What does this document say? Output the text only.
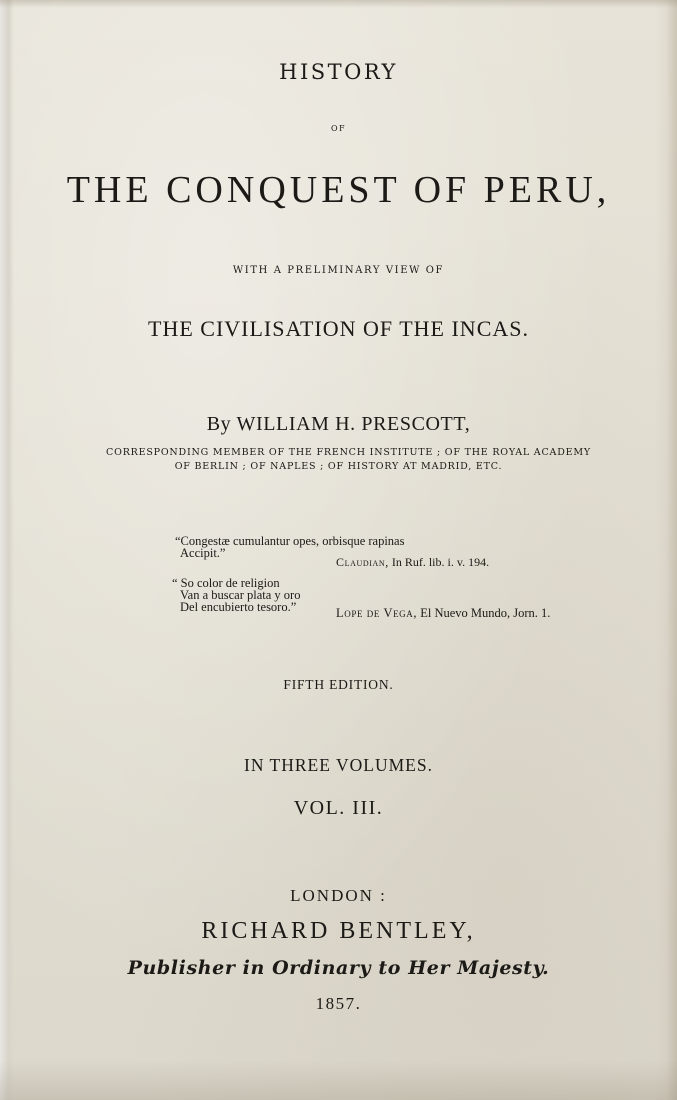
HISTORY
OF
THE CONQUEST OF PERU,
WITH A PRELIMINARY VIEW OF
THE CIVILISATION OF THE INCAS.
By WILLIAM H. PRESCOTT,
CORRESPONDING MEMBER OF THE FRENCH INSTITUTE ; OF THE ROYAL ACADEMY
OF BERLIN ; OF NAPLES ; OF HISTORY AT MADRID, ETC.
“Congestæ cumulantur opes, orbisque rapinas
Accipit.”
Claudian, In Ruf. lib. i. v. 194.
“ So color de religion
Van a buscar plata y oro
Del encubierto tesoro.”	Lope de Vega, El Nuevo Mundo, Jorn. 1.
FIFTH EDITION.
IN THREE VOLUMES.
VOL. III.
LONDON :
RICHARD BENTLEY,
Publisher in Ordinary to Her Majesty.
1857.
